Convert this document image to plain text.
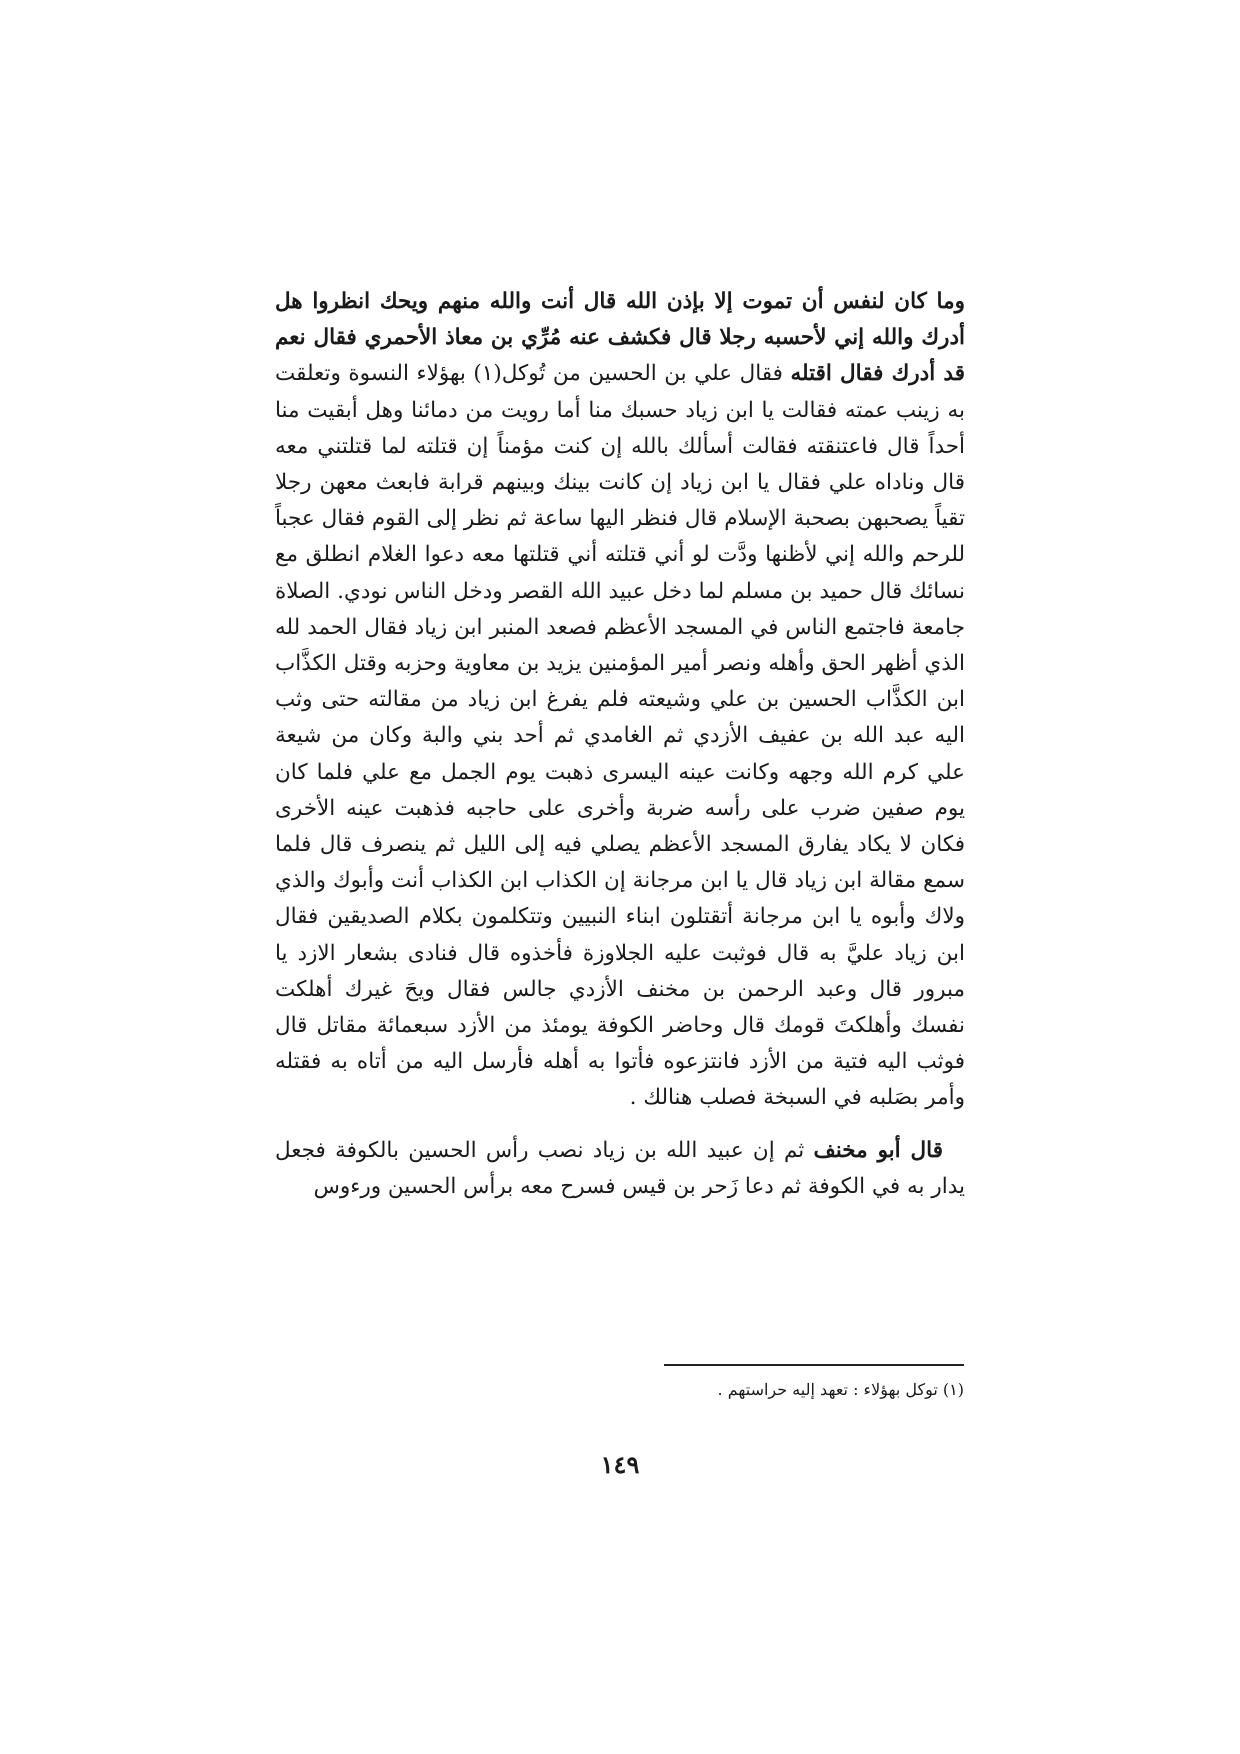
وما كان لنفس أن تموت إلا بإذن الله قال أنت والله منهم ويحك انظروا هل أدرك والله إني لأحسبه رجلا قال فكشف عنه مُرِّي بن معاذ الأحمري فقال نعم قد أدرك فقال اقتله فقال علي بن الحسين من تُوكل(١) بهؤلاء النسوة وتعلقت به زينب عمته فقالت يا ابن زياد حسبك منا أما رويت من دمائنا وهل أبقيت منا أحداً قال فاعتنقته فقالت أسألك بالله إن كنت مؤمناً إن قتلته لما قتلتني معه قال وناداه علي فقال يا ابن زياد إن كانت بينك وبينهم قرابة فابعث معهن رجلا تقياً يصحبهن بصحبة الإسلام قال فنظر اليها ساعة ثم نظر إلى القوم فقال عجباً للرحم والله إني لأظنها ودَّت لو أني قتلته أني قتلتها معه دعوا الغلام انطلق مع نسائك قال حميد بن مسلم لما دخل عبيد الله القصر ودخل الناس نودي. الصلاة جامعة فاجتمع الناس في المسجد الأعظم فصعد المنبر ابن زياد فقال الحمد لله الذي أظهر الحق وأهله ونصر أمير المؤمنين يزيد بن معاوية وحزبه وقتل الكذَّاب ابن الكذَّاب الحسين بن علي وشيعته فلم يفرغ ابن زياد من مقالته حتى وثب اليه عبد الله بن عفيف الأزدي ثم الغامدي ثم أحد بني والبة وكان من شيعة علي كرم الله وجهه وكانت عينه اليسرى ذهبت يوم الجمل مع علي فلما كان يوم صفين ضرب على رأسه ضربة وأخرى على حاجبه فذهبت عينه الأخرى فكان لا يكاد يفارق المسجد الأعظم يصلي فيه إلى الليل ثم ينصرف قال فلما سمع مقالة ابن زياد قال يا ابن مرجانة إن الكذاب ابن الكذاب أنت وأبوك والذي ولاك وأبوه يا ابن مرجانة أتقتلون ابناء النبيين وتتكلمون بكلام الصديقين فقال ابن زياد عليَّ به قال فوثبت عليه الجلاوزة فأخذوه قال فنادى بشعار الازد يا مبرور قال وعبد الرحمن بن مخنف الأزدي جالس فقال ويحَ غيرك أهلكت نفسك وأهلكتَ قومك قال وحاضر الكوفة يومئذ من الأزد سبعمائة مقاتل قال فوثب اليه فتية من الأزد فانتزعوه فأتوا به أهله فأرسل اليه من أتاه به فقتله وأمر بصَلبه في السبخة فصلب هنالك .

قال أبو مخنف ثم إن عبيد الله بن زياد نصب رأس الحسين بالكوفة فجعل يدار به في الكوفة ثم دعا زَحر بن قيس فسرح معه برأس الحسين ورءوس

(١) توكل بهؤلاء : تعهد إليه حراستهم .
١٤٩
